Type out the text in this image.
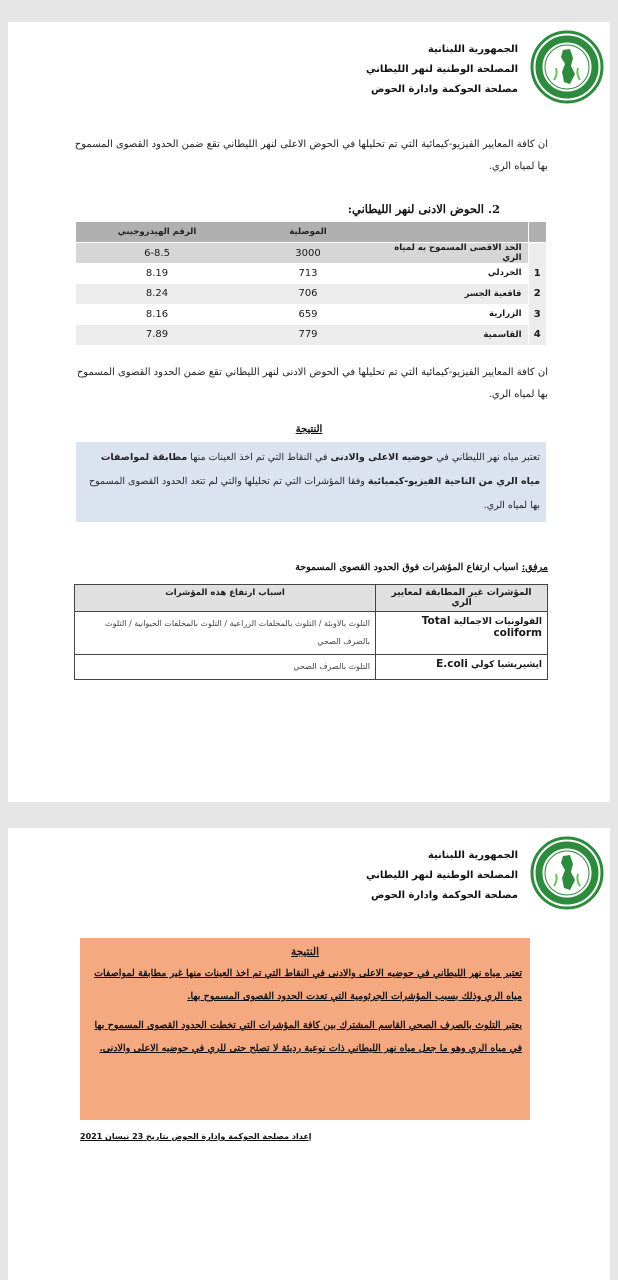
الجمهورية اللبنانية
المصلحة الوطنية لنهر الليطاني
مصلحة الحوكمة وادارة الحوض
ان كافة المعايير الفيزيو-كيمائية التي تم تحليلها في الحوض الاعلى لنهر الليطاني تقع ضمن الحدود القصوى المسموح بها لمياه الري.
2. الحوض الادنى لنهر الليطاني:
		الموصلية	الرقم الهيدروجيني
	الحد الاقصى المسموح به لمياه الري	3000	6-8.5
1	الخردلي	713	8.19
2	قاقعية الجسر	706	8.24
3	الزرارية	659	8.16
4	القاسمية	779	7.89
ان كافة المعايير الفيزيو-كيمائية التي تم تحليلها في الحوض الادنى لنهر الليطاني تقع ضمن الحدود القصوى المسموح بها لمياه الري.
النتيجة
تعتبر مياه نهر الليطاني في حوضيه الاعلى والادنى في النقاط التي تم اخذ العينات منها مطابقة لمواصفات مياه الري من الناحية الفيزيو-كيميائية وفقا المؤشرات التي تم تحليلها والتي لم تتعد الحدود القصوى المسموح بها لمياه الري.
مرفق: اسباب ارتفاع المؤشرات فوق الحدود القصوى المسموحة
المؤشرات غير المطابقة لمعايير الري	اسباب ارتفاع هذه المؤشرات
القولونيات الاجمالية Total coliform	التلوث بالاوبئة / التلوث بالمخلفات الزراعية / التلوث بالمخلفات الحيوانية / التلوث بالصرف الصحي
ايشيريشيا كولي E.coli	التلوث بالصرف الصحي
الجمهورية اللبنانية
المصلحة الوطنية لنهر الليطاني
مصلحة الحوكمة وادارة الحوض
النتيجة

تعتبر مياه نهر الليطاني في حوضيه الاعلى والادنى في النقاط التي تم اخذ العينات منها غير مطابقة لمواصفات مياه الري وذلك بسبب المؤشرات الجرثومية التي تعدت الحدود القصوى المسموح بها.

يعتبر التلوث بالصرف الصحي القاسم المشترك بين كافة المؤشرات التي تخطت الحدود القصوى المسموح بها في مياه الري وهو ما جعل مياه نهر الليطاني ذات نوعية رديئة لا تصلح حتى للري في حوضيه الاعلى والادنى.

إعداد مصلحة الحوكمة وإدارة الحوض بتاريخ 23 نيسان 2021
